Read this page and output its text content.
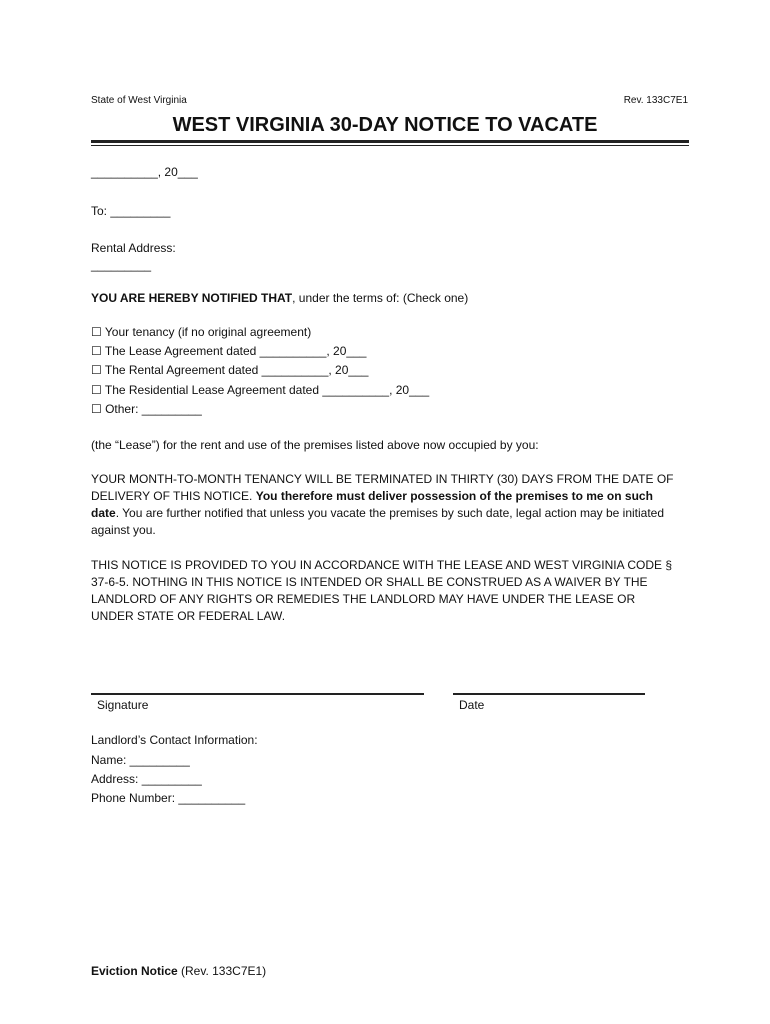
State of West Virginia	Rev. 133C7E1
WEST VIRGINIA 30-DAY NOTICE TO VACATE
__________, 20___
To: _________
Rental Address:
_________
YOU ARE HEREBY NOTIFIED THAT, under the terms of: (Check one)
☐ Your tenancy (if no original agreement)
☐ The Lease Agreement dated __________, 20___
☐ The Rental Agreement dated __________, 20___
☐ The Residential Lease Agreement dated __________, 20___
☐ Other: _________
(the “Lease”) for the rent and use of the premises listed above now occupied by you:
YOUR MONTH-TO-MONTH TENANCY WILL BE TERMINATED IN THIRTY (30) DAYS FROM THE DATE OF DELIVERY OF THIS NOTICE. You therefore must deliver possession of the premises to me on such date. You are further notified that unless you vacate the premises by such date, legal action may be initiated against you.
THIS NOTICE IS PROVIDED TO YOU IN ACCORDANCE WITH THE LEASE AND WEST VIRGINIA CODE § 37-6-5. NOTHING IN THIS NOTICE IS INTENDED OR SHALL BE CONSTRUED AS A WAIVER BY THE LANDLORD OF ANY RIGHTS OR REMEDIES THE LANDLORD MAY HAVE UNDER THE LEASE OR UNDER STATE OR FEDERAL LAW.
Signature	Date
Landlord’s Contact Information:
Name: _________
Address: _________
Phone Number: __________
Eviction Notice (Rev. 133C7E1)
